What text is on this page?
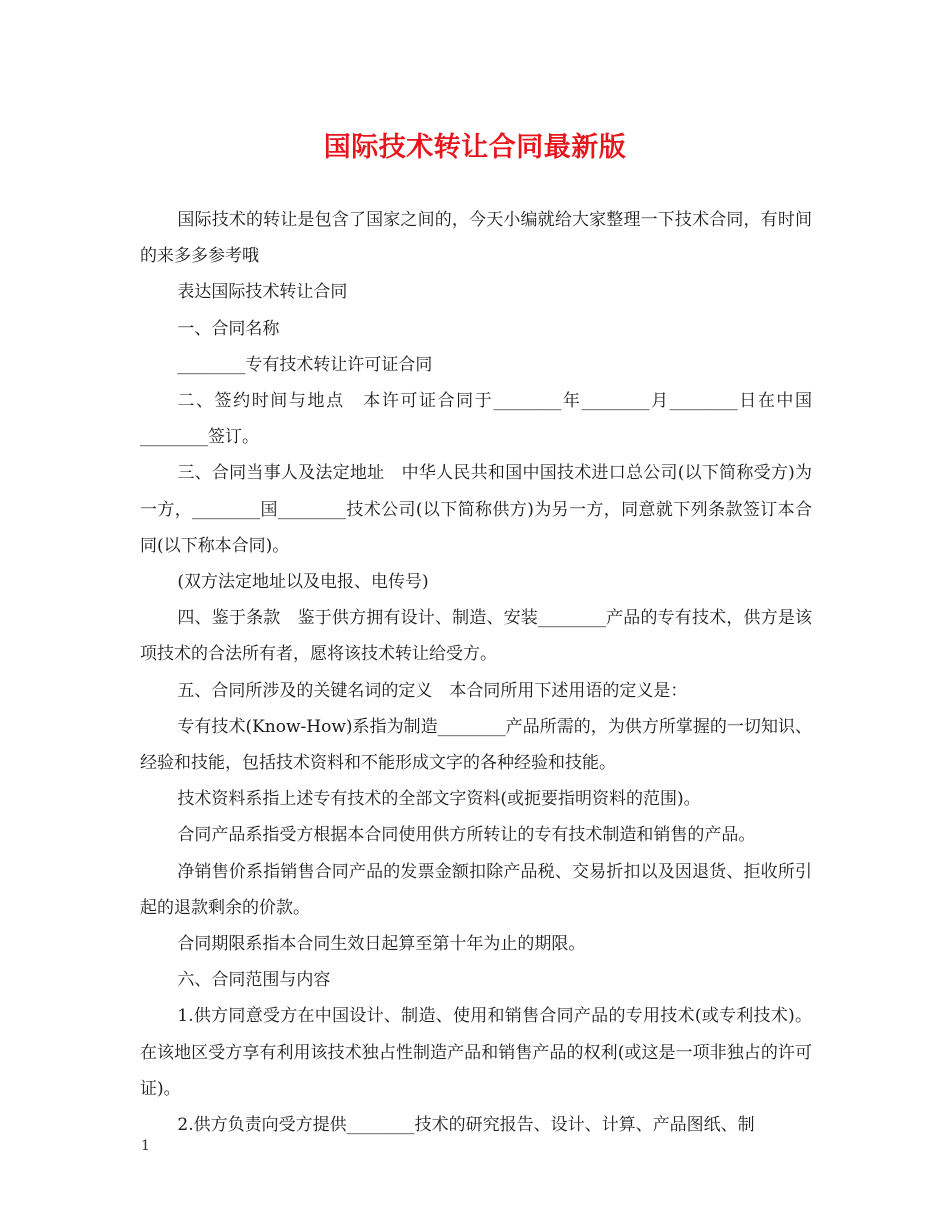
国际技术转让合同最新版

国际技术的转让是包含了国家之间的，今天小编就给大家整理一下技术合同，有时间的来多多参考哦

表达国际技术转让合同

一、合同名称

________专有技术转让许可证合同

二、签约时间与地点　本许可证合同于________年________月________日在中国________签订。

三、合同当事人及法定地址　中华人民共和国中国技术进口总公司(以下简称受方)为一方，________国________技术公司(以下简称供方)为另一方，同意就下列条款签订本合同(以下称本合同)。

(双方法定地址以及电报、电传号)

四、鉴于条款　鉴于供方拥有设计、制造、安装________产品的专有技术，供方是该项技术的合法所有者，愿将该技术转让给受方。

五、合同所涉及的关键名词的定义　本合同所用下述用语的定义是：

专有技术(Know-How)系指为制造________产品所需的，为供方所掌握的一切知识、经验和技能，包括技术资料和不能形成文字的各种经验和技能。

技术资料系指上述专有技术的全部文字资料(或扼要指明资料的范围)。

合同产品系指受方根据本合同使用供方所转让的专有技术制造和销售的产品。

净销售价系指销售合同产品的发票金额扣除产品税、交易折扣以及因退货、拒收所引起的退款剩余的价款。

合同期限系指本合同生效日起算至第十年为止的期限。

六、合同范围与内容

1.供方同意受方在中国设计、制造、使用和销售合同产品的专用技术(或专利技术)。在该地区受方享有利用该技术独占性制造产品和销售产品的权利(或这是一项非独占的许可证)。

2.供方负责向受方提供________技术的研究报告、设计、计算、产品图纸、制

1
